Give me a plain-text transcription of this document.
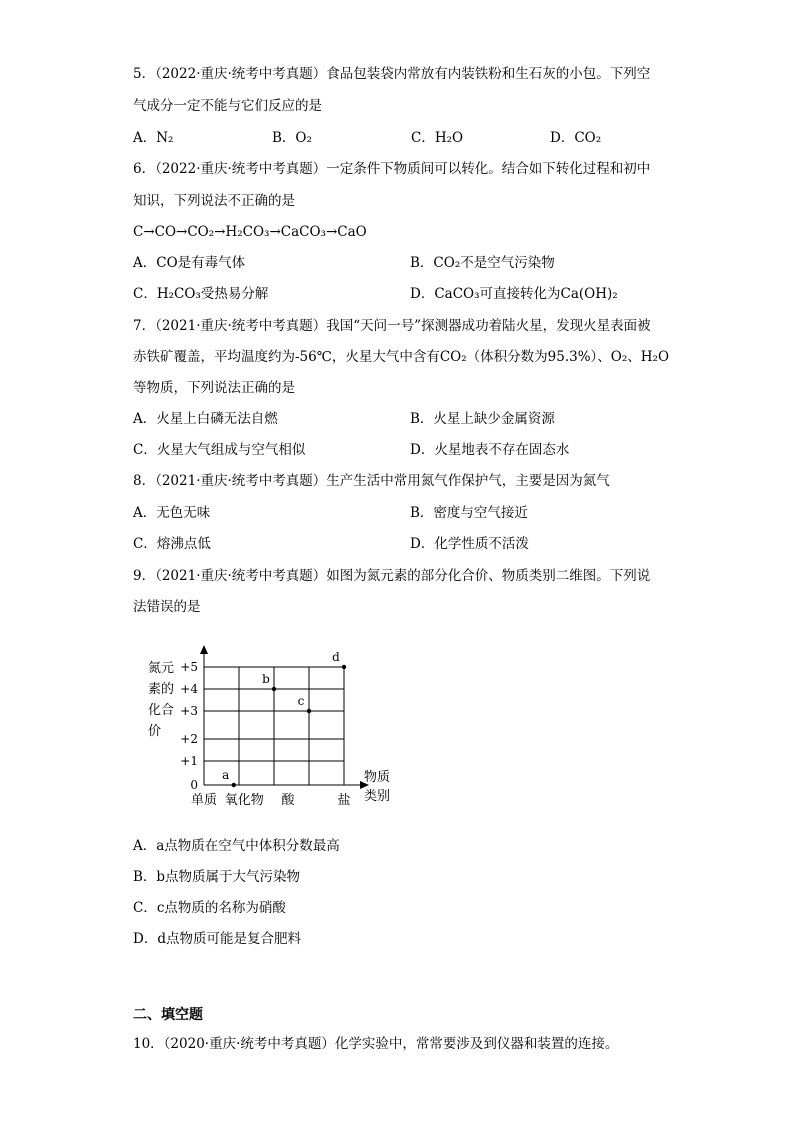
5．（2022·重庆·统考中考真题）食品包装袋内常放有内装铁粉和生石灰的小包。下列空
气成分一定不能与它们反应的是
A．N₂	B．O₂	C．H₂O	D．CO₂
6．（2022·重庆·统考中考真题）一定条件下物质间可以转化。结合如下转化过程和初中
知识，下列说法不正确的是
C→CO→CO₂→H₂CO₃→CaCO₃→CaO
A．CO是有毒气体	B．CO₂不是空气污染物
C．H₂CO₃受热易分解	D．CaCO₃可直接转化为Ca(OH)₂
7．（2021·重庆·统考中考真题）我国“天问一号”探测器成功着陆火星，发现火星表面被
赤铁矿覆盖，平均温度约为-56℃，火星大气中含有CO₂（体积分数为95.3%）、O₂、H₂O
等物质，下列说法正确的是
A．火星上白磷无法自燃	B．火星上缺少金属资源
C．火星大气组成与空气相似	D．火星地表不存在固态水
8．（2021·重庆·统考中考真题）生产生活中常用氮气作保护气，主要是因为氮气
A．无色无味	B．密度与空气接近
C．熔沸点低	D．化学性质不活泼
9．（2021·重庆·统考中考真题）如图为氮元素的部分化合价、物质类别二维图。下列说
法错误的是
0
+1
+2
+3
+4
+5
单质 氧化物 酸	盐
a
b
c
d
氮元
素的
化合
价
物质
类别
A．a点物质在空气中体积分数最高
B．b点物质属于大气污染物
C．c点物质的名称为硝酸
D．d点物质可能是复合肥料
二、填空题
10．（2020·重庆·统考中考真题）化学实验中，常常要涉及到仪器和装置的连接。
